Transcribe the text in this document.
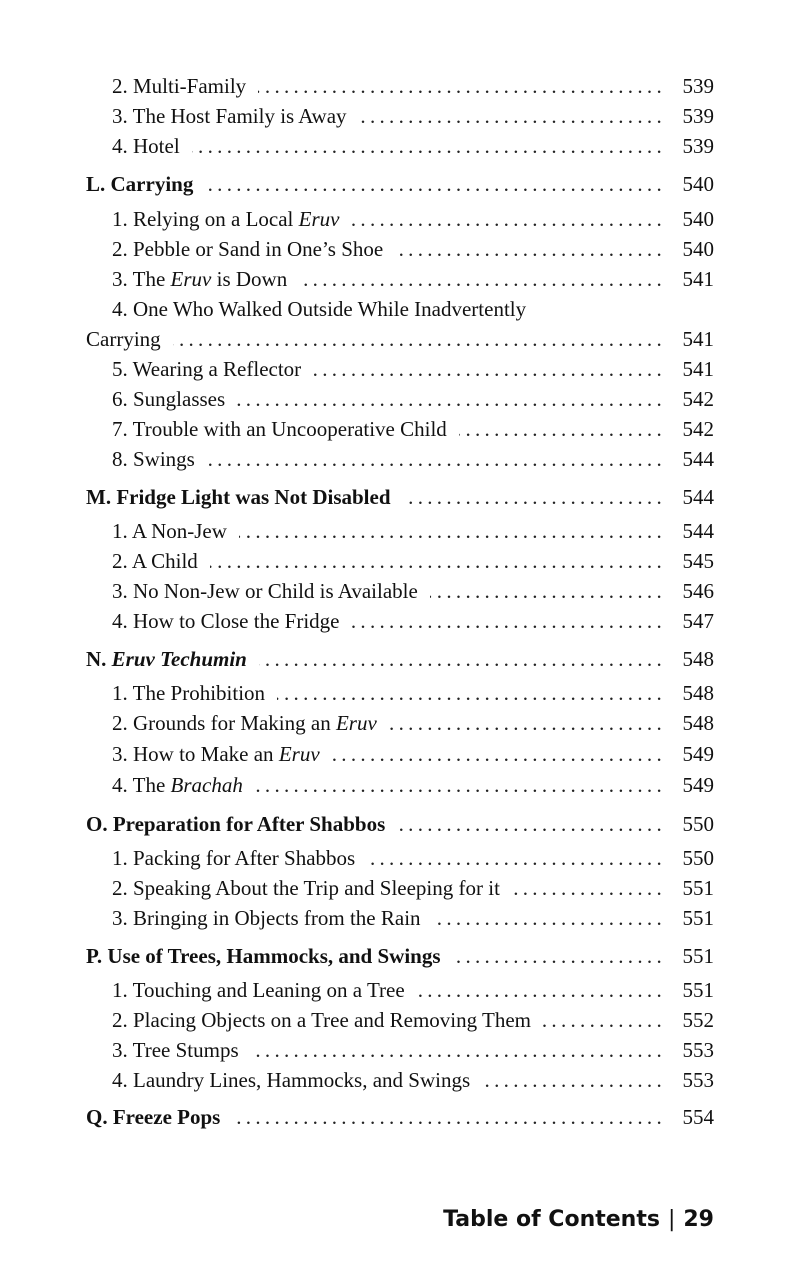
2. Multi-Family .....	539
3. The Host Family is Away .....	539
4. Hotel .....	539
L. Carrying .....	540
1. Relying on a Local Eruv .....	540
2. Pebble or Sand in One’s Shoe .....	540
3. The Eruv is Down .....	541
4. One Who Walked Outside While Inadvertently
Carrying .....	541
5. Wearing a Reflector .....	541
6. Sunglasses .....	542
7. Trouble with an Uncooperative Child .....	542
8. Swings .....	544
M. Fridge Light was Not Disabled .....	544
1. A Non-Jew .....	544
2. A Child .....	545
3. No Non-Jew or Child is Available .....	546
4. How to Close the Fridge .....	547
N. Eruv Techumin .....	548
1. The Prohibition .....	548
2. Grounds for Making an Eruv .....	548
3. How to Make an Eruv .....	549
4. The Brachah .....	549
O. Preparation for After Shabbos .....	550
1. Packing for After Shabbos .....	550
2. Speaking About the Trip and Sleeping for it .....	551
3. Bringing in Objects from the Rain .....	551
P. Use of Trees, Hammocks, and Swings .....	551
1. Touching and Leaning on a Tree .....	551
2. Placing Objects on a Tree and Removing Them .....	552
3. Tree Stumps .....	553
4. Laundry Lines, Hammocks, and Swings .....	553
Q. Freeze Pops .....	554
Table of Contents | 29
